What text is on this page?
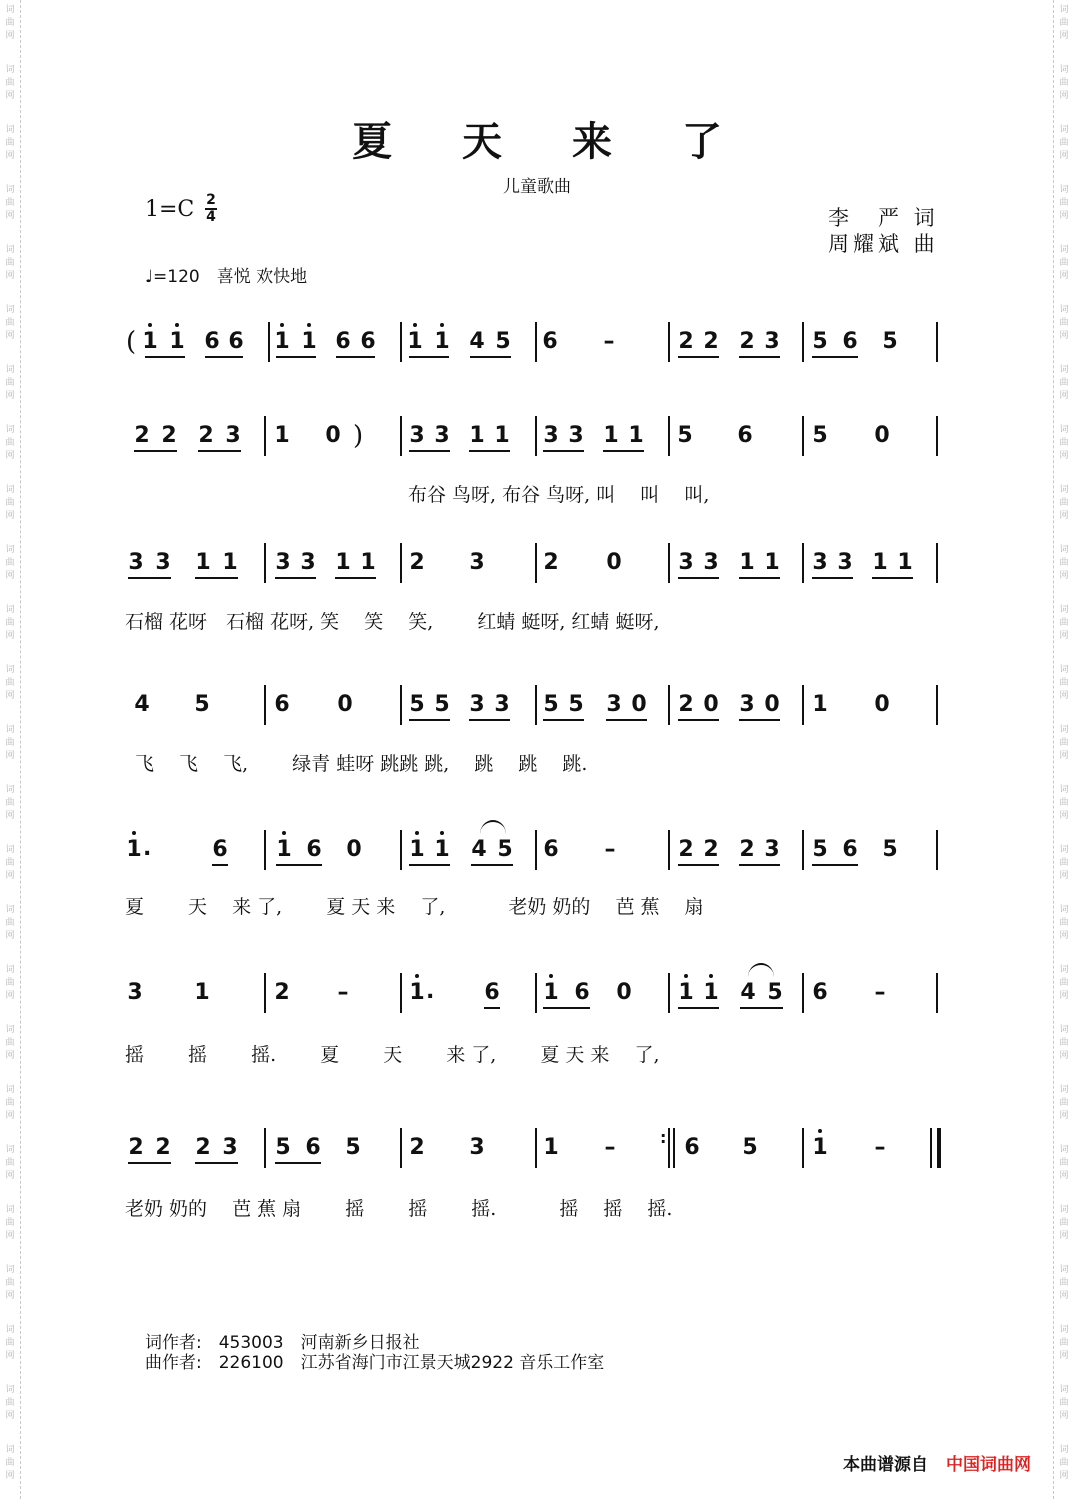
词
曲
网
词
曲
网
词
曲
网
词
曲
网
词
曲
网
词
曲
网
词
曲
网
词
曲
网
词
曲
网
词
曲
网
词
曲
网
词
曲
网
词
曲
网
词
曲
网
词
曲
网
词
曲
网
词
曲
网
词
曲
网
词
曲
网
词
曲
网
词
曲
网
词
曲
网
词
曲
网
词
曲
网
词
曲
网
词
曲
网
词
曲
网
词
曲
网
词
曲
网
词
曲
网
词
曲
网
词
曲
网
词
曲
网
词
曲
网
词
曲
网
词
曲
网
词
曲
网
词
曲
网
词
曲
网
词
曲
网
词
曲
网
词
曲
网
词
曲
网
词
曲
网
词
曲
网
词
曲
网
词
曲
网
词
曲
网
词
曲
网
词
曲
网
夏 天 来 了
儿童歌曲
1=C 2
4	李　严 词
周耀斌 曲
♩=120　喜悦 欢快地
( 1 1 6 6 1 1 6 6 1 1 4 5 6 –	2 2 2 3 5 6 5
2 2 2 3 1 0 ) 3 3 1 1 3 3 1 1 5 6	5 0
3 3 1 1 3 3 1 1 2 3	2 0	3 3 1 1 3 3 1 1
4 5	6 0	5 5 3 3 5 5 3 0 2 0 3 0 1 0
1 .	6 1 6 0 1 1 4 5 6 –	2 2 2 3 5 6 5
3 1	2 –	1 . 6 1 6 0 1 1 4 5 6 –
2 2 2 3 5 6 5 2 3	1 –	: 6 5 1 –
布谷 鸟呀, 布谷 鸟呀, 叫　 叫　 叫,
石榴 花呀　石榴 花呀, 笑　 笑　 笑,　　 红蜻 蜓呀, 红蜻 蜓呀,
飞　 飞　 飞,　　 绿青 蛙呀 跳跳 跳,　 跳　 跳　 跳.
夏　　 天　 来 了,　　 夏 天 来　 了,　　　 老奶 奶的　 芭 蕉　 扇
摇　　 摇　　 摇.　　 夏　　 天　　 来 了,　　 夏 天 来　 了,
老奶 奶的　 芭 蕉 扇　　 摇　　 摇　　 摇.　　　 摇　 摇　 摇.
词作者:　453003　河南新乡日报社
曲作者:　226100　江苏省海门市江景天城2922 音乐工作室
本曲谱源自 中国词曲网
